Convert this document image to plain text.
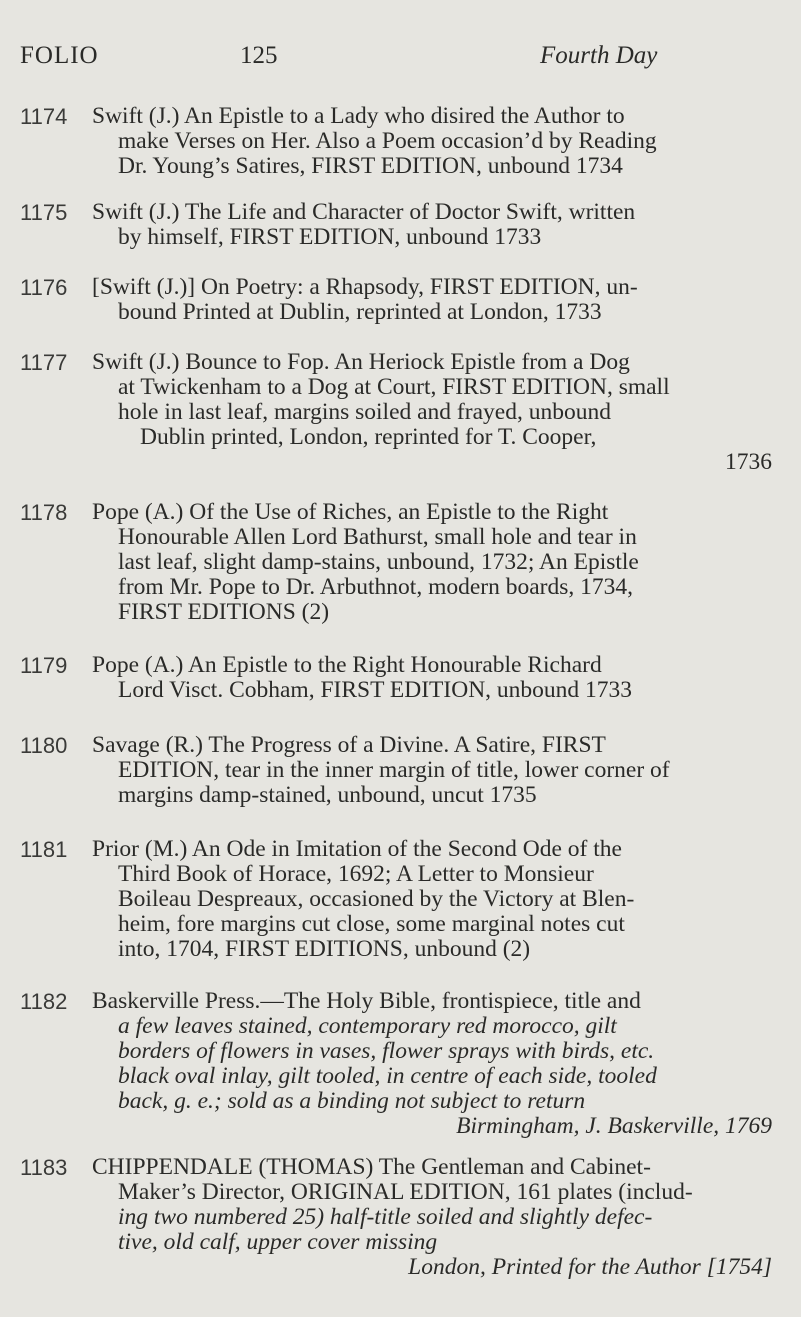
FOLIO	125	Fourth Day
1174 Swift (J.) An Epistle to a Lady who disired the Author to
make Verses on Her. Also a Poem occasion’d by Reading
Dr. Young’s Satires, FIRST EDITION, unbound 1734
1175 Swift (J.) The Life and Character of Doctor Swift, written
by himself, FIRST EDITION, unbound 1733
1176 [Swift (J.)] On Poetry: a Rhapsody, FIRST EDITION, un-
bound Printed at Dublin, reprinted at London, 1733
1177 Swift (J.) Bounce to Fop. An Heriock Epistle from a Dog
at Twickenham to a Dog at Court, FIRST EDITION, small
hole in last leaf, margins soiled and frayed, unbound
Dublin printed, London, reprinted for T. Cooper,
1736
1178 Pope (A.) Of the Use of Riches, an Epistle to the Right
Honourable Allen Lord Bathurst, small hole and tear in
last leaf, slight damp-stains, unbound, 1732; An Epistle
from Mr. Pope to Dr. Arbuthnot, modern boards, 1734,
FIRST EDITIONS (2)
1179 Pope (A.) An Epistle to the Right Honourable Richard
Lord Visct. Cobham, FIRST EDITION, unbound 1733
1180 Savage (R.) The Progress of a Divine. A Satire, FIRST
EDITION, tear in the inner margin of title, lower corner of
margins damp-stained, unbound, uncut 1735
1181 Prior (M.) An Ode in Imitation of the Second Ode of the
Third Book of Horace, 1692; A Letter to Monsieur
Boileau Despreaux, occasioned by the Victory at Blen-
heim, fore margins cut close, some marginal notes cut
into, 1704, FIRST EDITIONS, unbound (2)
1182 Baskerville Press.—The Holy Bible, frontispiece, title and
a few leaves stained, contemporary red morocco, gilt
borders of flowers in vases, flower sprays with birds, etc.
black oval inlay, gilt tooled, in centre of each side, tooled
back, g. e.; sold as a binding not subject to return
Birmingham, J. Baskerville, 1769
1183 CHIPPENDALE (THOMAS) The Gentleman and Cabinet-
Maker’s Director, ORIGINAL EDITION, 161 plates (includ-
ing two numbered 25) half-title soiled and slightly defec-
tive, old calf, upper cover missing
London, Printed for the Author [1754]
